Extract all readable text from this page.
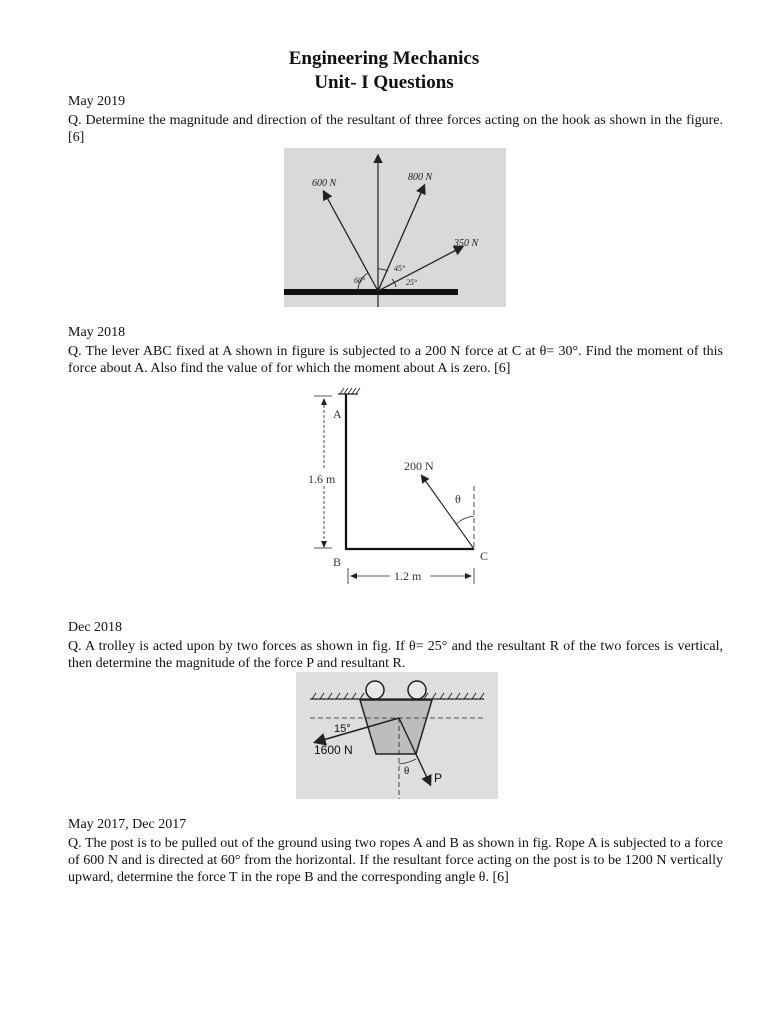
Engineering Mechanics
Unit- I Questions
May 2019
Q. Determine the magnitude and direction of the resultant of three forces acting on the hook as shown in the figure. [6]
600 N
800 N
350 N
60°
45°
25°
May 2018
Q. The lever ABC fixed at A shown in figure is subjected to a 200 N force at C at θ= 30°. Find the moment of this force about A. Also find the value of for which the moment about A is zero. [6]
1.6 m
1.2 m
200 N
θ
A
B	C
Dec 2018
Q. A trolley is acted upon by two forces as shown in fig. If θ= 25° and the resultant R of the two forces is vertical, then determine the magnitude of the force P and resultant R.
15°
1600 N
θ P
May 2017, Dec 2017
Q. The post is to be pulled out of the ground using two ropes A and B as shown in fig. Rope A is subjected to a force of 600 N and is directed at 60° from the horizontal. If the resultant force acting on the post is to be 1200 N vertically upward, determine the force T in the rope B and the corresponding angle θ. [6]
